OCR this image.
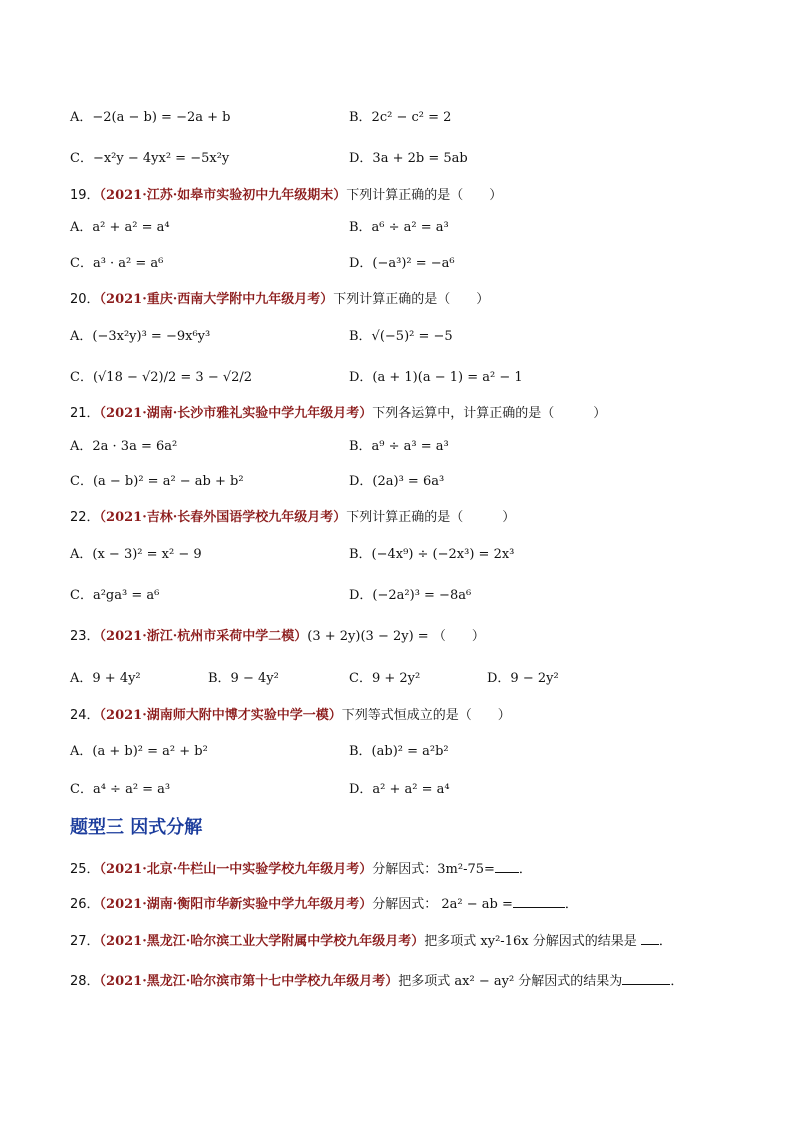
A．−2(a − b) = −2a + b	B．2c² − c² = 2
C．−x²y − 4yx² = −5x²y	D．3a + 2b = 5ab
19．（2021·江苏·如皋市实验初中九年级期末）下列计算正确的是（　　）
A．a² + a² = a⁴	B．a⁶ ÷ a² = a³
C．a³ · a² = a⁶	D．(−a³)² = −a⁶
20．（2021·重庆·西南大学附中九年级月考）下列计算正确的是（　　）
A．(−3x²y)³ = −9x⁶y³	B．√(−5)² = −5
C．(√18 − √2)/2 = 3 − √2/2	D．(a + 1)(a − 1) = a² − 1
21．（2021·湖南·长沙市雅礼实验中学九年级月考）下列各运算中，计算正确的是（　　　）
A．2a · 3a = 6a²	B．a⁹ ÷ a³ = a³
C．(a − b)² = a² − ab + b²	D．(2a)³ = 6a³
22．（2021·吉林·长春外国语学校九年级月考）下列计算正确的是（　　　）
A．(x − 3)² = x² − 9	B．(−4x⁹) ÷ (−2x³) = 2x³
C．a²ga³ = a⁶	D．(−2a²)³ = −8a⁶
23．（2021·浙江·杭州市采荷中学二模）(3 + 2y)(3 − 2y) = （　　）
24．（2021·湖南师大附中博才实验中学一模）下列等式恒成立的是（　　）
A．(a + b)² = a² + b²	B．(ab)² = a²b²
C．a⁴ ÷ a² = a³	D．a² + a² = a⁴
A．9 + 4y²	B．9 − 4y²	C．9 + 2y²	D．9 − 2y²
题型三 因式分解
25．（2021·北京·牛栏山一中实验学校九年级月考）分解因式：3m²-75= ．
26．（2021·湖南·衡阳市华新实验中学九年级月考）分解因式： 2a² − ab =	．
27．（2021·黑龙江·哈尔滨工业大学附属中学校九年级月考）把多项式 xy²-16x 分解因式的结果是 ．
28．（2021·黑龙江·哈尔滨市第十七中学校九年级月考）把多项式 ax² − ay² 分解因式的结果为	．
